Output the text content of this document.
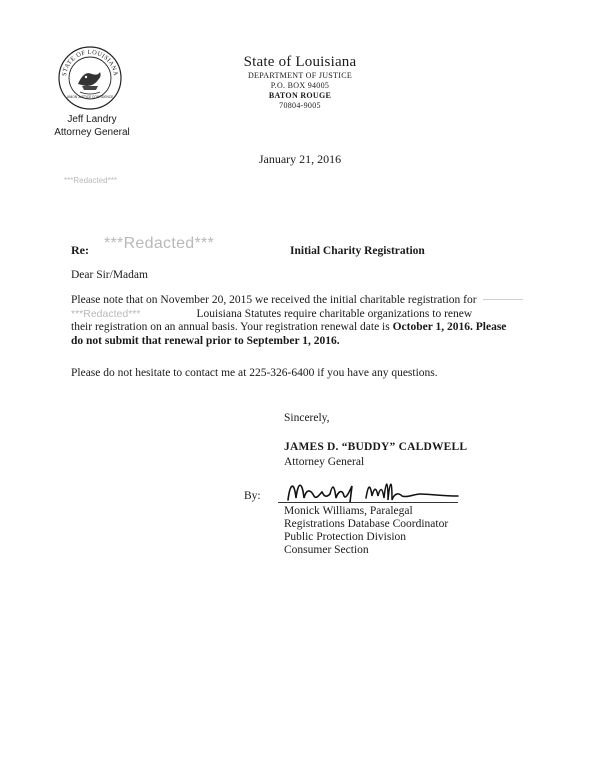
STATE OF LOUISIANA
UNION JUSTICE CONFIDENCE
Jeff Landry
Attorney General
State of Louisiana
DEPARTMENT OF JUSTICE
P.O. BOX 94005
BATON ROUGE
70804-9005
January 21, 2016
***Redacted***
Re: ***Redacted***	Initial Charity Registration
Dear Sir/Madam
Please note that on November 20, 2015 we received the initial charitable registration for
***Redacted***	Louisiana Statutes require charitable organizations to renew
their registration on an annual basis. Your registration renewal date is October 1, 2016. Please
do not submit that renewal prior to September 1, 2016.
Please do not hesitate to contact me at 225-326-6400 if you have any questions.
Sincerely,
JAMES D. “BUDDY” CALDWELL
Attorney General
By:
Monick Williams, Paralegal
Registrations Database Coordinator
Public Protection Division
Consumer Section
